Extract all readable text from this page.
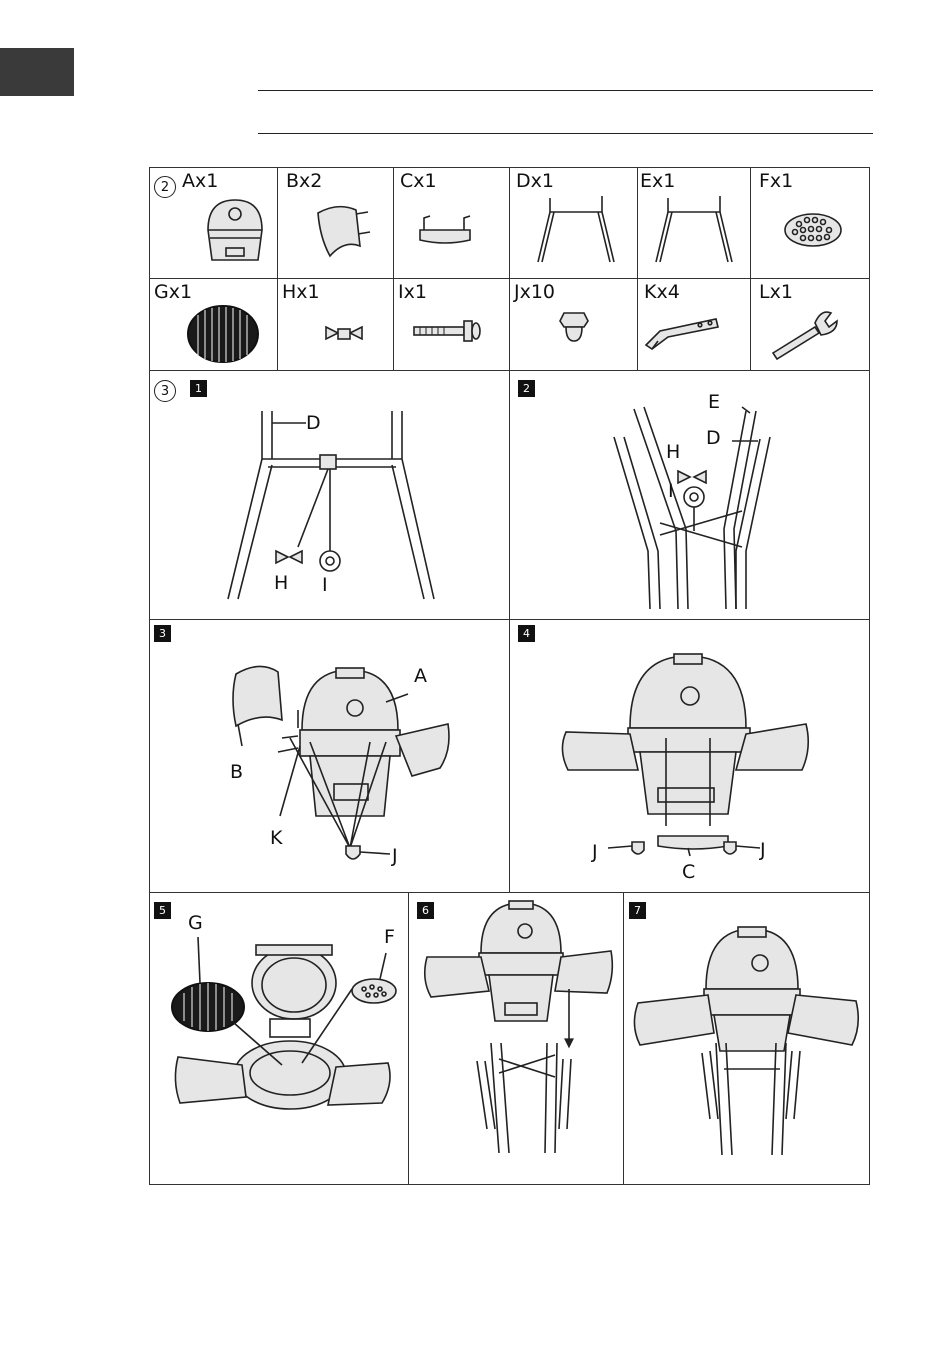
2 Ax1	Bx2	Cx1	Dx1	Ex1	Fx1
Gx1	Hx1	Ix1	Jx10	Kx4	Lx1
3	1
D
H I
2
E
D
H
I
3
A
B
K
J
4
J	J
C
5
G
F
6	7
